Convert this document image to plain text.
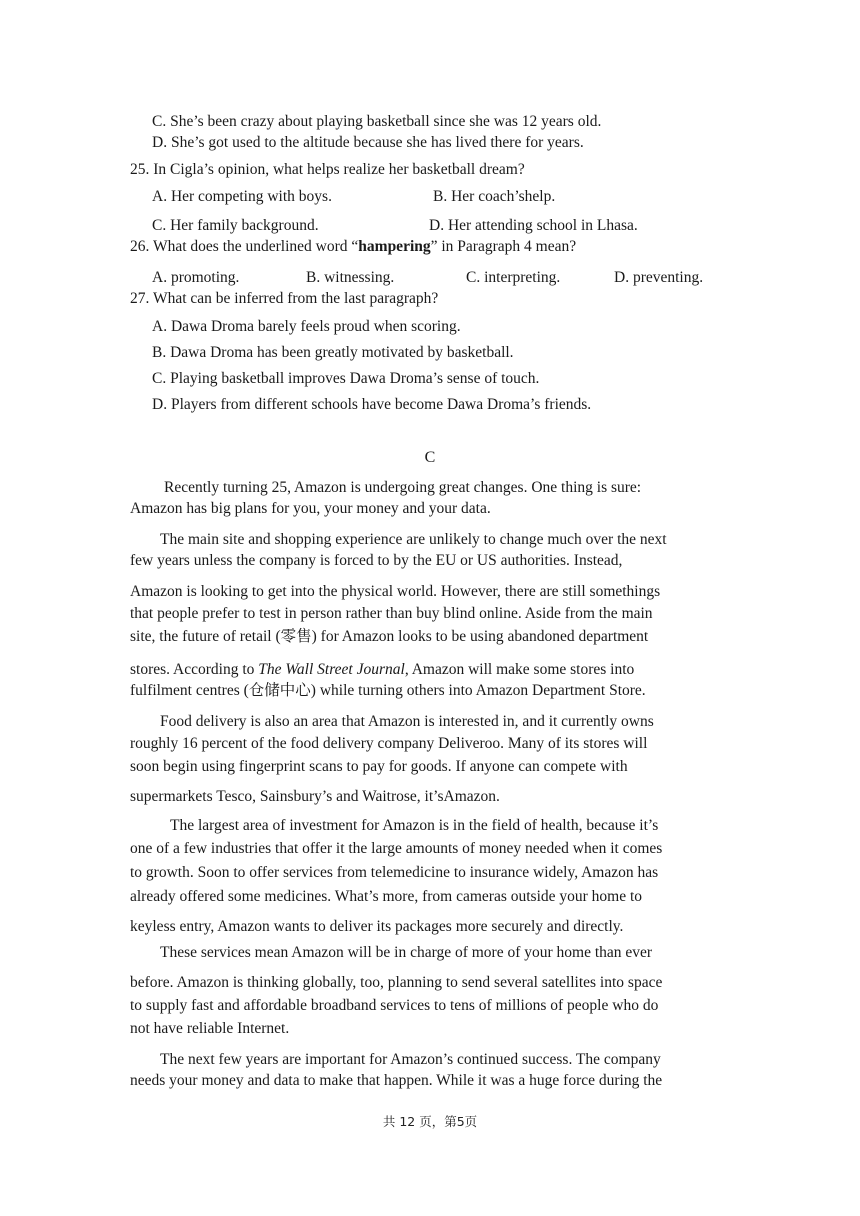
C. She’s been crazy about playing basketball since she was 12 years old.
D. She’s got used to the altitude because she has lived there for years.
25. In Cigla’s opinion, what helps realize her basketball dream?
A. Her competing with boys.	B. Her coach’shelp.
C. Her family background.	D. Her attending school in Lhasa.
26. What does the underlined word “hampering” in Paragraph 4 mean?
A. promoting.	B. witnessing.	C. interpreting.	D. preventing.
27. What can be inferred from the last paragraph?
A. Dawa Droma barely feels proud when scoring.
B. Dawa Droma has been greatly motivated by basketball.
C. Playing basketball improves Dawa Droma’s sense of touch.
D. Players from different schools have become Dawa Droma’s friends.
C
Recently turning 25, Amazon is undergoing great changes. One thing is sure:
Amazon has big plans for you, your money and your data.
The main site and shopping experience are unlikely to change much over the next
few years unless the company is forced to by the EU or US authorities. Instead,
Amazon is looking to get into the physical world. However, there are still somethings
that people prefer to test in person rather than buy blind online. Aside from the main
site, the future of retail (零售) for Amazon looks to be using abandoned department
stores. According to The Wall Street Journal, Amazon will make some stores into
fulfilment centres (仓储中心) while turning others into Amazon Department Store.
Food delivery is also an area that Amazon is interested in, and it currently owns
roughly 16 percent of the food delivery company Deliveroo. Many of its stores will
soon begin using fingerprint scans to pay for goods. If anyone can compete with
supermarkets Tesco, Sainsbury’s and Waitrose, it’sAmazon.
The largest area of investment for Amazon is in the field of health, because it’s
one of a few industries that offer it the large amounts of money needed when it comes
to growth. Soon to offer services from telemedicine to insurance widely, Amazon has
already offered some medicines. What’s more, from cameras outside your home to
keyless entry, Amazon wants to deliver its packages more securely and directly.
These services mean Amazon will be in charge of more of your home than ever
before. Amazon is thinking globally, too, planning to send several satellites into space
to supply fast and affordable broadband services to tens of millions of people who do
not have reliable Internet.
The next few years are important for Amazon’s continued success. The company
needs your money and data to make that happen. While it was a huge force during the
共 12 页，第5页
